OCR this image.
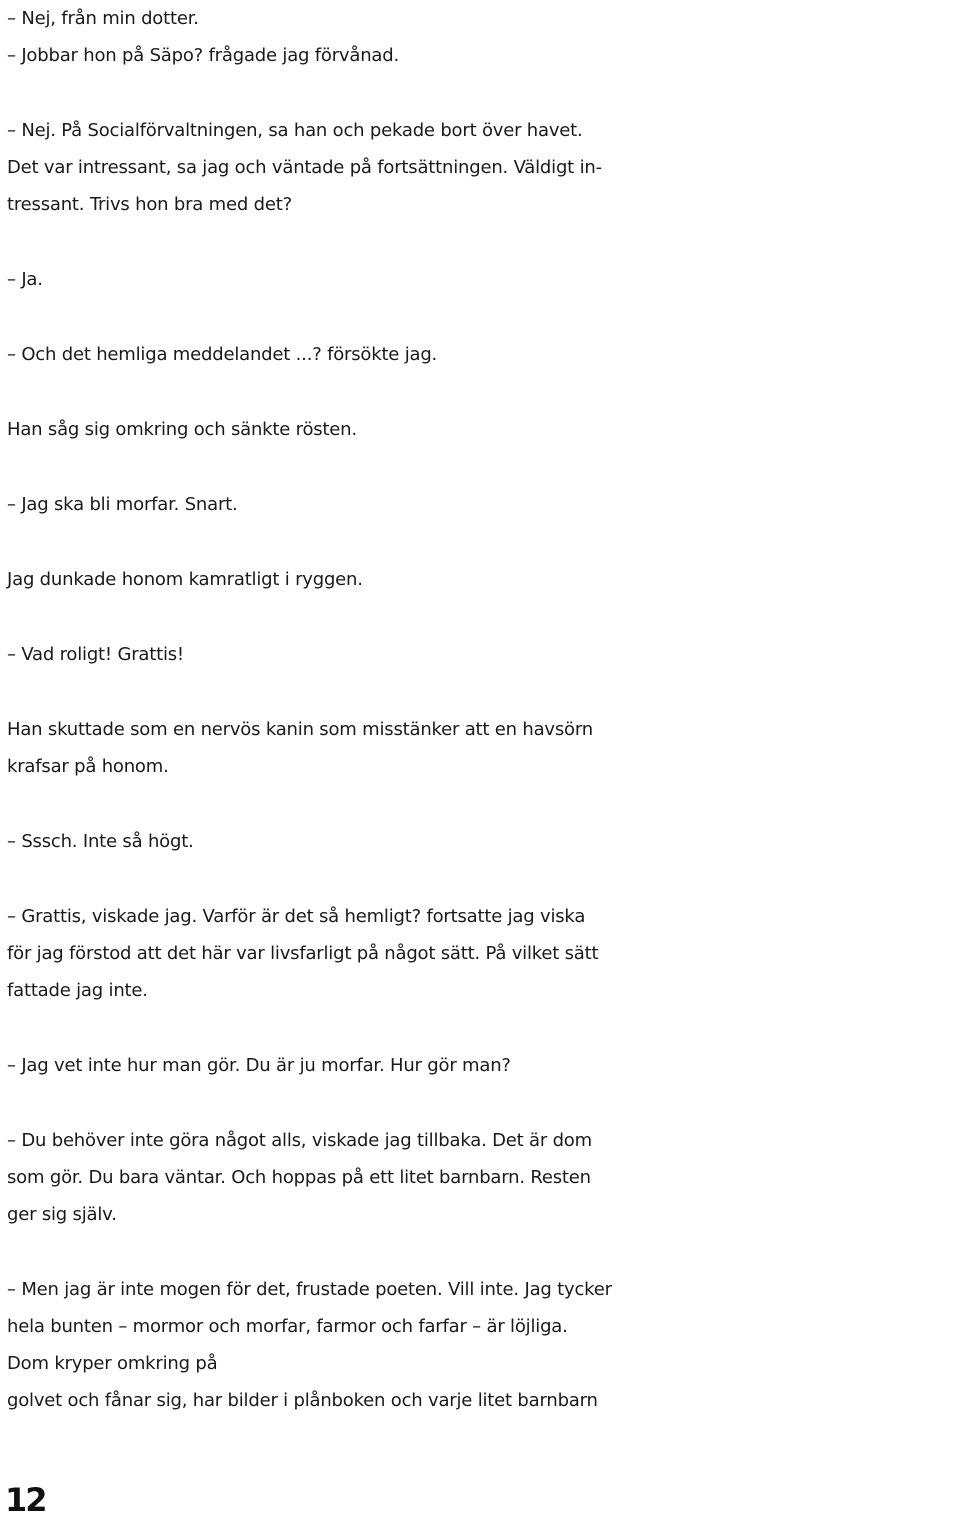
– Nej, från min dotter.
– Jobbar hon på Säpo? frågade jag förvånad.
– Nej. På Socialförvaltningen, sa han och pekade bort över havet.
Det var intressant, sa jag och väntade på fortsättningen. Väldigt in-
tressant. Trivs hon bra med det?
– Ja.
– Och det hemliga meddelandet ...? försökte jag.
Han såg sig omkring och sänkte rösten.
– Jag ska bli morfar. Snart.
Jag dunkade honom kamratligt i ryggen.
– Vad roligt! Grattis!
Han skuttade som en nervös kanin som misstänker att en havsörn
krafsar på honom.
– Sssch. Inte så högt.
– Grattis, viskade jag. Varför är det så hemligt? fortsatte jag viska
för jag förstod att det här var livsfarligt på något sätt. På vilket sätt
fattade jag inte.
– Jag vet inte hur man gör. Du är ju morfar. Hur gör man?
– Du behöver inte göra något alls, viskade jag tillbaka. Det är dom
som gör. Du bara väntar. Och hoppas på ett litet barnbarn. Resten
ger sig själv.
– Men jag är inte mogen för det, frustade poeten. Vill inte. Jag tycker
hela bunten – mormor och morfar, farmor och farfar – är löjliga.
Dom kryper omkring på
golvet och fånar sig, har bilder i plånboken och varje litet barnbarn
12
